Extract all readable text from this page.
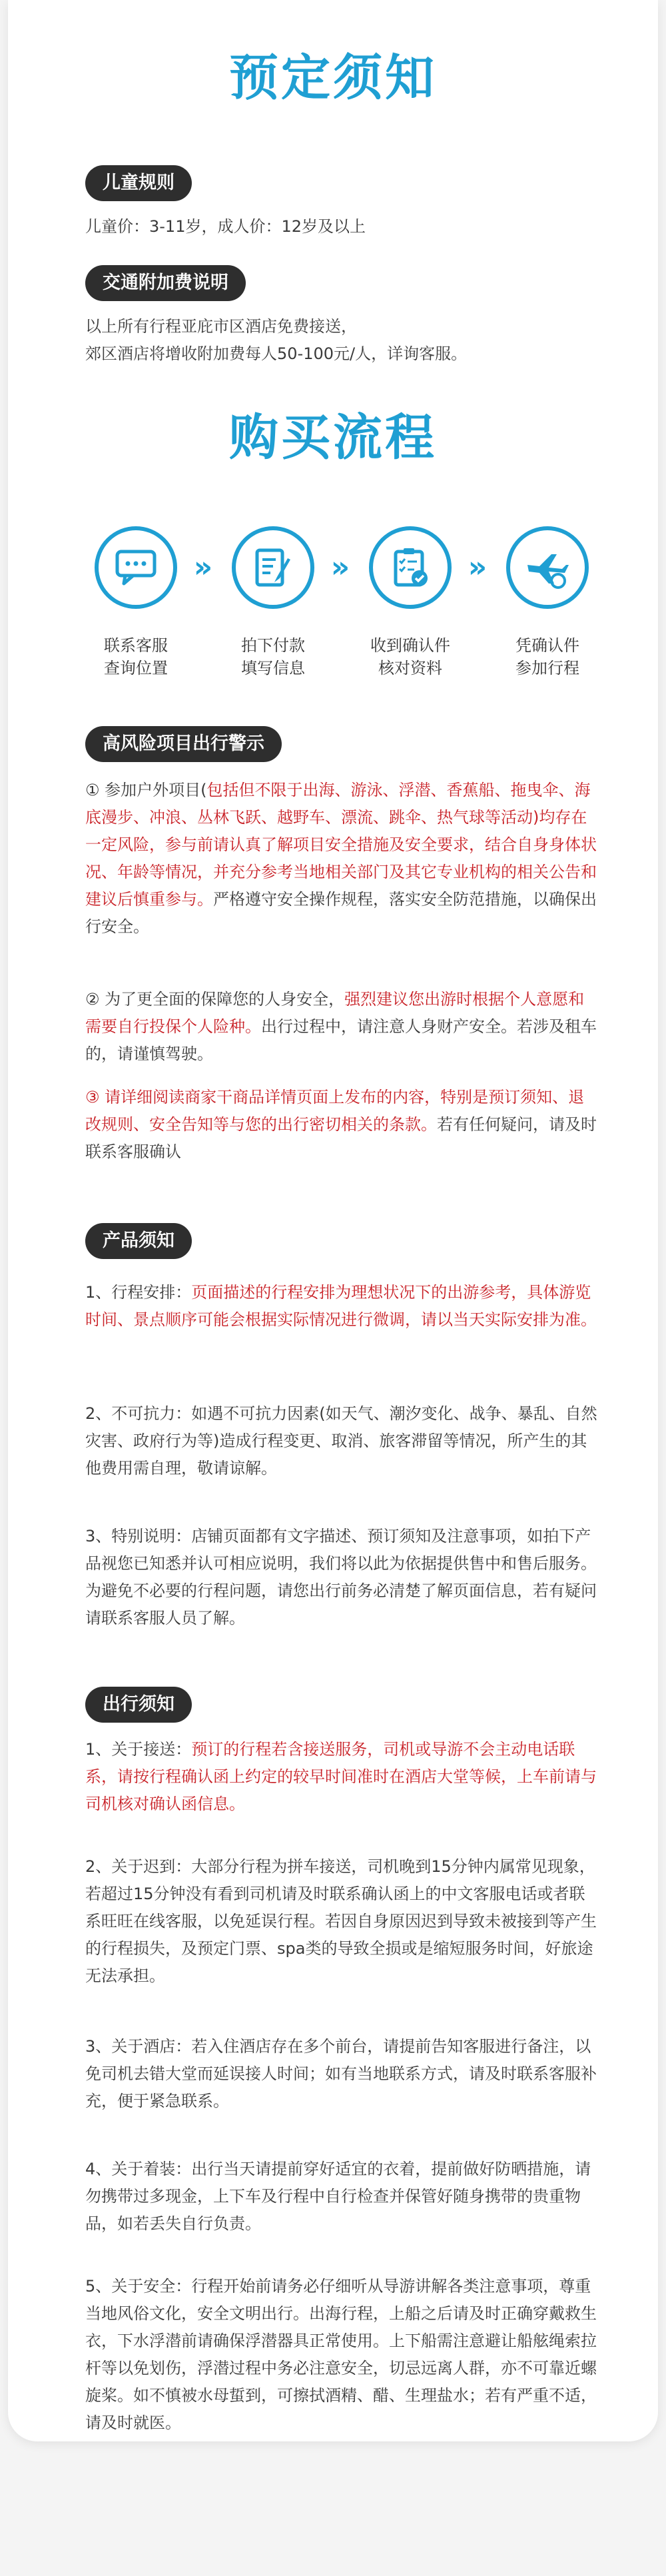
预定须知
儿童规则
儿童价：3-11岁，成人价：12岁及以上
交通附加费说明
以上所有行程亚庇市区酒店免费接送，
郊区酒店将增收附加费每人50-100元/人，详询客服。
购买流程
联系客服
查询位置
»
拍下付款
填写信息
»
收到确认件
核对资料
»
凭确认件
参加行程
高风险项目出行警示
① 参加户外项目(包括但不限于出海、游泳、浮潜、香蕉船、拖曳伞、海底漫步、冲浪、丛林飞跃、越野车、漂流、跳伞、热气球等活动)均存在一定风险，参与前请认真了解项目安全措施及安全要求，结合自身身体状况、年龄等情况，并充分参考当地相关部门及其它专业机构的相关公告和建议后慎重参与。严格遵守安全操作规程，落实安全防范措施，以确保出行安全。
② 为了更全面的保障您的人身安全，强烈建议您出游时根据个人意愿和需要自行投保个人险种。出行过程中，请注意人身财产安全。若涉及租车的，请谨慎驾驶。
③ 请详细阅读商家干商品详情页面上发布的内容，特别是预订须知、退改规则、安全告知等与您的出行密切相关的条款。若有任何疑问，请及时联系客服确认
产品须知
1、行程安排：页面描述的行程安排为理想状况下的出游参考，具体游览时间、景点顺序可能会根据实际情况进行微调，请以当天实际安排为准。
2、不可抗力：如遇不可抗力因素(如天气、潮汐变化、战争、暴乱、自然灾害、政府行为等)造成行程变更、取消、旅客滞留等情况，所产生的其他费用需自理，敬请谅解。
3、特别说明：店铺页面都有文字描述、预订须知及注意事项，如拍下产品视您已知悉并认可相应说明，我们将以此为依据提供售中和售后服务。为避免不必要的行程问题，请您出行前务必清楚了解页面信息，若有疑问请联系客服人员了解。
出行须知
1、关于接送：预订的行程若含接送服务，司机或导游不会主动电话联系，请按行程确认函上约定的较早时间准时在酒店大堂等候，上车前请与司机核对确认函信息。
2、关于迟到：大部分行程为拼车接送，司机晚到15分钟内属常见现象，若超过15分钟没有看到司机请及时联系确认函上的中文客服电话或者联系旺旺在线客服，以免延误行程。若因自身原因迟到导致未被接到等产生的行程损失，及预定门票、spa类的导致全损或是缩短服务时间，好旅途无法承担。
3、关于酒店：若入住酒店存在多个前台，请提前告知客服进行备注，以免司机去错大堂而延误接人时间；如有当地联系方式，请及时联系客服补充，便于紧急联系。
4、关于着装：出行当天请提前穿好适宜的衣着，提前做好防晒措施，请勿携带过多现金，上下车及行程中自行检查并保管好随身携带的贵重物品，如若丢失自行负责。
5、关于安全：行程开始前请务必仔细听从导游讲解各类注意事项，尊重当地风俗文化，安全文明出行。出海行程，上船之后请及时正确穿戴救生衣，下水浮潜前请确保浮潜器具正常使用。上下船需注意避让船舷绳索拉杆等以免划伤，浮潜过程中务必注意安全，切忌远离人群，亦不可靠近螺旋桨。如不慎被水母蜇到，可擦拭酒精、醋、生理盐水；若有严重不适，请及时就医。
